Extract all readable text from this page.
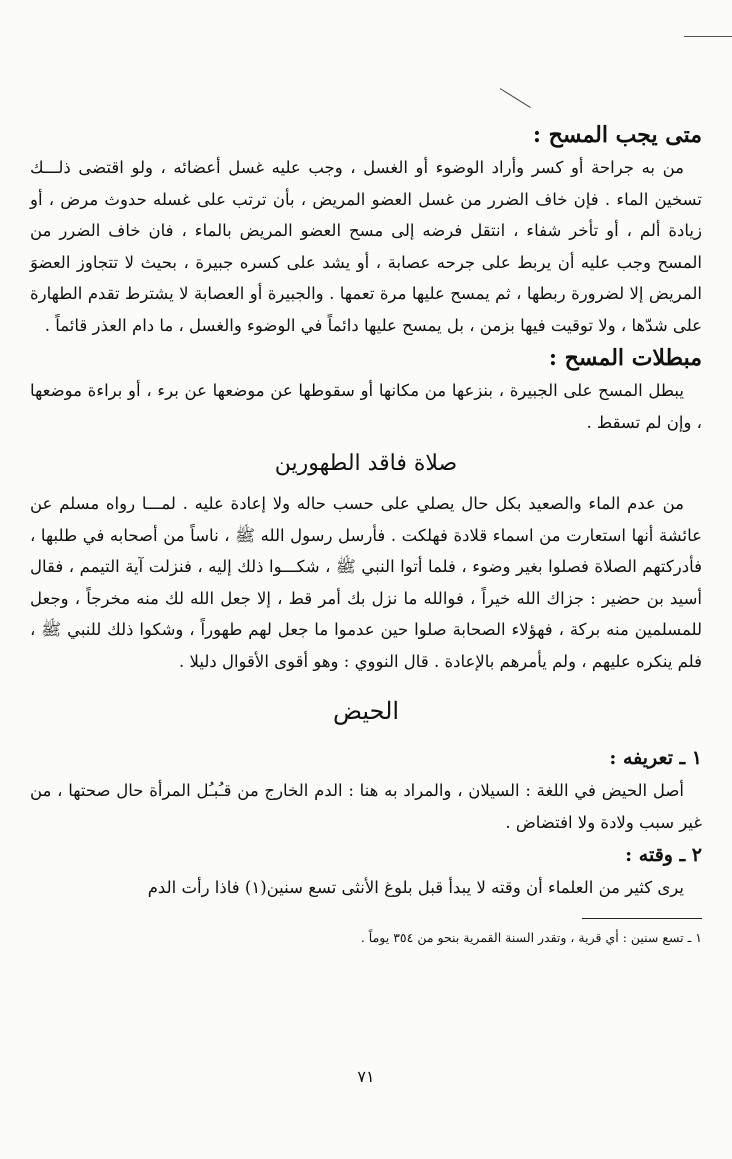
متى يجب المسح :

من به جراحة أو كسر وأراد الوضوء أو الغسل ، وجب عليه غسل أعضائه ، ولو اقتضى ذلـــك تسخين الماء . فإن خاف الضرر من غسل العضو المريض ، بأن ترتب على غسله حدوث مرض ، أو زيادة ألم ، أو تأخر شفاء ، انتقل فرضه إلى مسح العضو المريض بالماء ، فان خاف الضرر من المسح وجب عليه أن يربط على جرحه عصابة ، أو يشد على كسره جبيرة ، بحيث لا تتجاوز العضوَ المريض إلا لضرورة ربطها ، ثم يمسح عليها مرة تعمها . والجبيرة أو العصابة لا يشترط تقدم الطهارة على شدّها ، ولا توقيت فيها بزمن ، بل يمسح عليها دائماً في الوضوء والغسل ، ما دام العذر قائماً .

مبطلات المسح :

يبطل المسح على الجبيرة ، بنزعها من مكانها أو سقوطها عن موضعها عن برء ، أو براءة موضعها ، وإن لم تسقط .

صلاة فاقد الطهورين

من عدم الماء والصعيد بكل حال يصلي على حسب حاله ولا إعادة عليه . لمـــا رواه مسلم عن عائشة أنها استعارت من اسماء قلادة فهلكت . فأرسل رسول الله ﷺ ، ناساً من أصحابه في طلبها ، فأدركتهم الصلاة فصلوا بغير وضوء ، فلما أتوا النبي ﷺ ، شكـــوا ذلك إليه ، فنزلت آية التيمم ، فقال أسيد بن حضير : جزاك الله خيراً ، فوالله ما نزل بك أمر قط ، إلا جعل الله لك منه مخرجاً ، وجعل للمسلمين منه بركة ، فهؤلاء الصحابة صلوا حين عدموا ما جعل لهم طهوراً ، وشكوا ذلك للنبي ﷺ ، فلم ينكره عليهم ، ولم يأمرهم بالإعادة . قال النووي : وهو أقوى الأقوال دليلا .

الحيض

١ ـ تعريفه :

أصل الحيض في اللغة : السيلان ، والمراد به هنا : الدم الخارج من قـُبـُل المرأة حال صحتها ، من غير سبب ولادة ولا افتضاض .

٢ ـ وقته :

يرى كثير من العلماء أن وقته لا يبدأ قبل بلوغ الأنثى تسع سنين(١) فاذا رأت الدم

١ ـ تسع سنين : أي قرية ، وتقدر السنة القمرية بنحو من ٣٥٤ يوماً .

٧١
